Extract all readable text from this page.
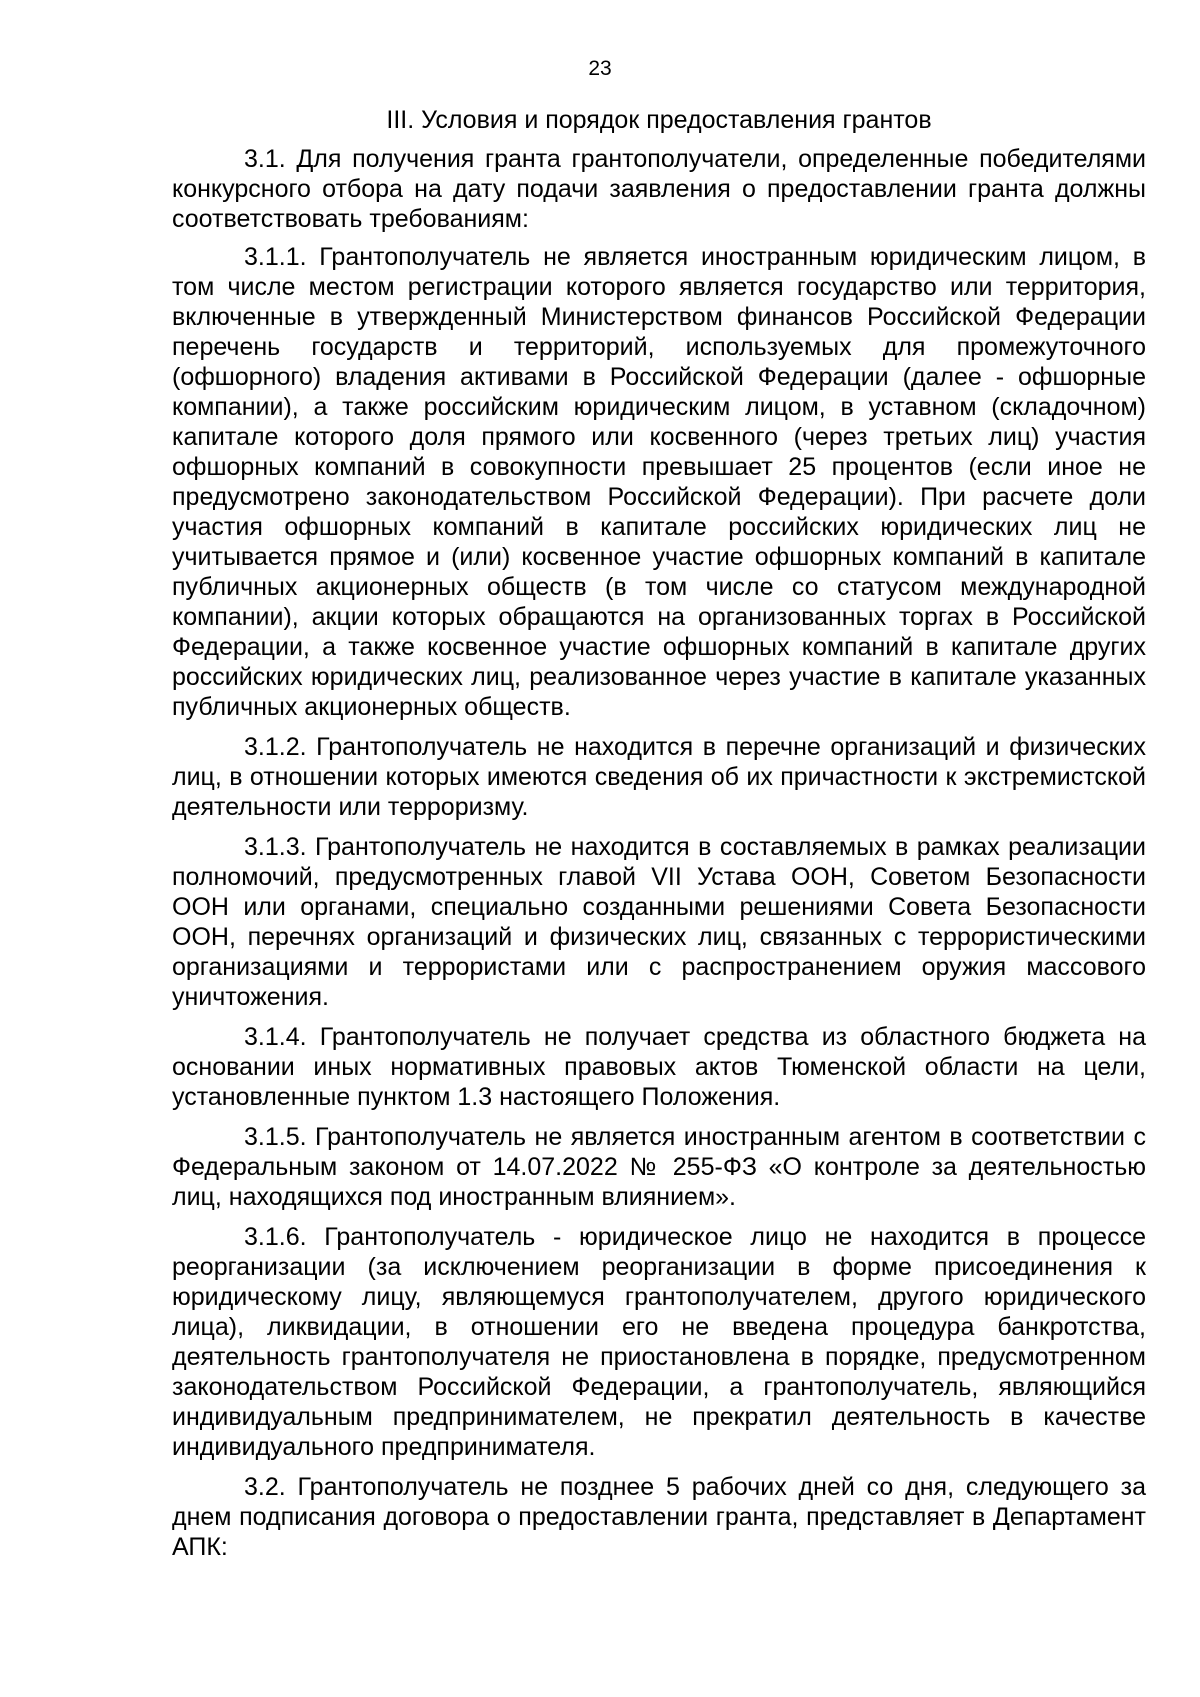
23
III. Условия и порядок предоставления грантов

3.1. Для получения гранта грантополучатели, определенные победителями конкурсного отбора на дату подачи заявления о предоставлении гранта должны соответствовать требованиям:

3.1.1. Грантополучатель не является иностранным юридическим лицом, в том числе местом регистрации которого является государство или территория, включенные в утвержденный Министерством финансов Российской Федерации перечень государств и территорий, используемых для промежуточного (офшорного) владения активами в Российской Федерации (далее - офшорные компании), а также российским юридическим лицом, в уставном (складочном) капитале которого доля прямого или косвенного (через третьих лиц) участия офшорных компаний в совокупности превышает 25 процентов (если иное не предусмотрено законодательством Российской Федерации). При расчете доли участия офшорных компаний в капитале российских юридических лиц не учитывается прямое и (или) косвенное участие офшорных компаний в капитале публичных акционерных обществ (в том числе со статусом международной компании), акции которых обращаются на организованных торгах в Российской Федерации, а также косвенное участие офшорных компаний в капитале других российских юридических лиц, реализованное через участие в капитале указанных публичных акционерных обществ.

3.1.2. Грантополучатель не находится в перечне организаций и физических лиц, в отношении которых имеются сведения об их причастности к экстремистской деятельности или терроризму.

3.1.3. Грантополучатель не находится в составляемых в рамках реализации полномочий, предусмотренных главой VII Устава ООН, Советом Безопасности ООН или органами, специально созданными решениями Совета Безопасности ООН, перечнях организаций и физических лиц, связанных с террористическими организациями и террористами или с распространением оружия массового уничтожения.

3.1.4. Грантополучатель не получает средства из областного бюджета на основании иных нормативных правовых актов Тюменской области на цели, установленные пунктом 1.3 настоящего Положения.

3.1.5. Грантополучатель не является иностранным агентом в соответствии с Федеральным законом от 14.07.2022 № 255-ФЗ «О контроле за деятельностью лиц, находящихся под иностранным влиянием».

3.1.6. Грантополучатель - юридическое лицо не находится в процессе реорганизации (за исключением реорганизации в форме присоединения к юридическому лицу, являющемуся грантополучателем, другого юридического лица), ликвидации, в отношении его не введена процедура банкротства, деятельность грантополучателя не приостановлена в порядке, предусмотренном законодательством Российской Федерации, а грантополучатель, являющийся индивидуальным предпринимателем, не прекратил деятельность в качестве индивидуального предпринимателя.

3.2. Грантополучатель не позднее 5 рабочих дней со дня, следующего за днем подписания договора о предоставлении гранта, представляет в Департамент АПК:
